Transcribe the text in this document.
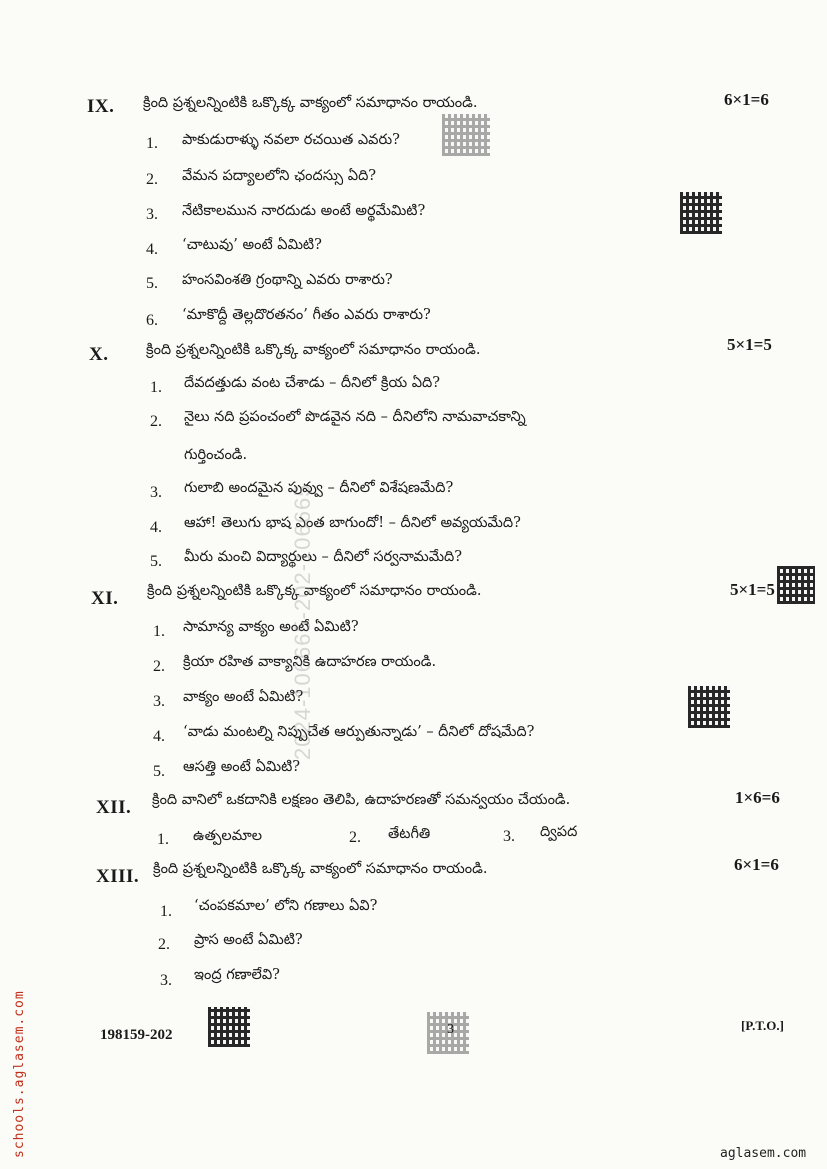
IX. క్రింది ప్రశ్నలన్నింటికి ఒక్కొక్క వాక్యంలో సమాధానం రాయండి.	6×1=6
1. పాకుడురాళ్ళు నవలా రచయిత ఎవరు?
2. వేమన పద్యాలలోని ఛందస్సు ఏది?
3. నేటికాలమున నారదుడు అంటే అర్థమేమిటి?
4. ‘చాటువు’ అంటే ఏమిటి?
5. హంసవింశతి గ్రంథాన్ని ఎవరు రాశారు?
6. ‘మాకొద్దీ తెల్లదొరతనం’ గీతం ఎవరు రాశారు?
X.	క్రింది ప్రశ్నలన్నింటికి ఒక్కొక్క వాక్యంలో సమాధానం రాయండి.	5×1=5
1. దేవదత్తుడు వంట చేశాడు – దీనిలో క్రియ ఏది?
2. నైలు నది ప్రపంచంలో పొడవైన నది – దీనిలోని నామవాచకాన్ని
గుర్తించండి.
3. గులాబి అందమైన పువ్వు – దీనిలో విశేషణమేది?
4. ఆహా! తెలుగు భాష ఎంత బాగుందో! – దీనిలో అవ్యయమేది?
5. మీరు మంచి విద్యార్థులు – దీనిలో సర్వనామమేది?
XI. క్రింది ప్రశ్నలన్నింటికి ఒక్కొక్క వాక్యంలో సమాధానం రాయండి.	5×1=5
1. సామాన్య వాక్యం అంటే ఏమిటి?
2. క్రియా రహిత వాక్యానికి ఉదాహరణ రాయండి.
3. వాక్యం అంటే ఏమిటి?
4. ‘వాడు మంటల్ని నిప్పుచేత ఆర్పుతున్నాడు’ – దీనిలో దోషమేది?
5. ఆసత్తి అంటే ఏమిటి?
XII. క్రింది వానిలో ఒకదానికి లక్షణం తెలిపి, ఉదాహరణతో సమన్వయం చేయండి.	1×6=6
1. ఉత్పలమాల	2. తేటగీతి	3. ద్విపద
XIII. క్రింది ప్రశ్నలన్నింటికి ఒక్కొక్క వాక్యంలో సమాధానం రాయండి.	6×1=6
1. ‘చంపకమాల’ లోని గణాలు ఏవి?
2. ప్రాస అంటే ఏమిటి?
3. ఇంద్ర గణాలేవి?
2024-106665-202-106665
schools.aglasem.com	198159-202	3	[P.T.O.]
aglasem.com
